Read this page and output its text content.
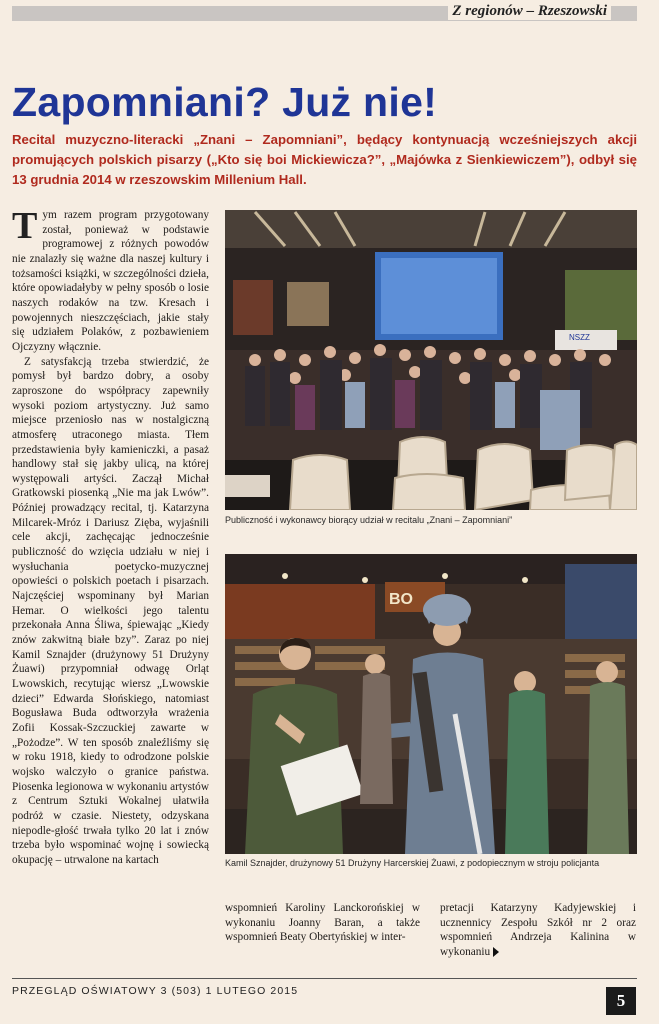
Z regionów – Rzeszowski
Zapomniani? Już nie!
Recital muzyczno-literacki „Znani – Zapomniani”, będący kontynuacją wcześniejszych akcji promujących polskich pisarzy („Kto się boi Mickiewicza?”, „Majówka z Sienkiewiczem”), odbył się 13 grudnia 2014 w rzeszowskim Millenium Hall.

Tym razem program przygotowany został, ponieważ w podstawie programowej z różnych powodów nie znalazły się ważne dla naszej kultury i tożsamości książki, w szczególności dzieła, które opowiadałyby w pełny sposób o losie naszych rodaków na tzw. Kresach i powojennych nieszczęściach, jakie stały się udziałem Polaków, z pozbawieniem Ojczyzny włącznie.

Z satysfakcją trzeba stwierdzić, że pomysł był bardzo dobry, a osoby zaproszone do współpracy zapewniły wysoki poziom artystyczny. Już samo miejsce przeniosło nas w nostalgiczną atmosferę utraconego miasta. Tłem przedstawienia były kamieniczki, a pasaż handlowy stał się jakby ulicą, na której występowali artyści. Zaczął Michał Gratkowski piosenką „Nie ma jak Lwów”. Później prowadzący recital, tj. Katarzyna Milcarek-Mróz i Dariusz Zięba, wyjaśnili cele akcji, zachęcając jednocześnie publiczność do wzięcia udziału w niej i wysłuchania poetycko-muzycznej opowieści o polskich poetach i pisarzach. Najczęściej wspominany był Marian Hemar. O wielkości jego talentu przekonała Anna Śliwa, śpiewając „Kiedy znów zakwitną białe bzy”. Zaraz po niej Kamil Sznajder (drużynowy 51 Drużyny Żuawi) przypomniał odwagę Orląt Lwowskich, recytując wiersz „Lwowskie dzieci” Edwarda Słońskiego, natomiast Bogusława Buda odtworzyła wrażenia Zofii Kossak-Szczuckiej zawarte w „Pożodze”. W ten sposób znaleźliśmy się w roku 1918, kiedy to odrodzone polskie wojsko walczyło o granice państwa. Piosenka legionowa w wykonaniu artystów z Centrum Sztuki Wokalnej ułatwiła podróż w czasie. Niestety, odzyskana niepodle-głość trwała tylko 20 lat i znów trzeba było wspominać wojnę i sowiecką okupację – utrwalone na kartach

NSZZ
Publiczność i wykonawcy biorący udział w recitalu „Znani – Zapomniani”
BO
Kamil Sznajder, drużynowy 51 Drużyny Harcerskiej Żuawi, z podopiecznym w stroju policjanta

wspomnień Karoliny Lanckorońskiej w wykonaniu Joanny Baran, a także wspomnień Beaty Obertyńskiej w inter-

pretacji Katarzyny Kadyjewskiej i ucznennicy Zespołu Szkół nr 2 oraz wspomnień Andrzeja Kalinina w wykonaniu

PRZEGLĄD OŚWIATOWY 3 (503) 1 LUTEGO 2015	5
